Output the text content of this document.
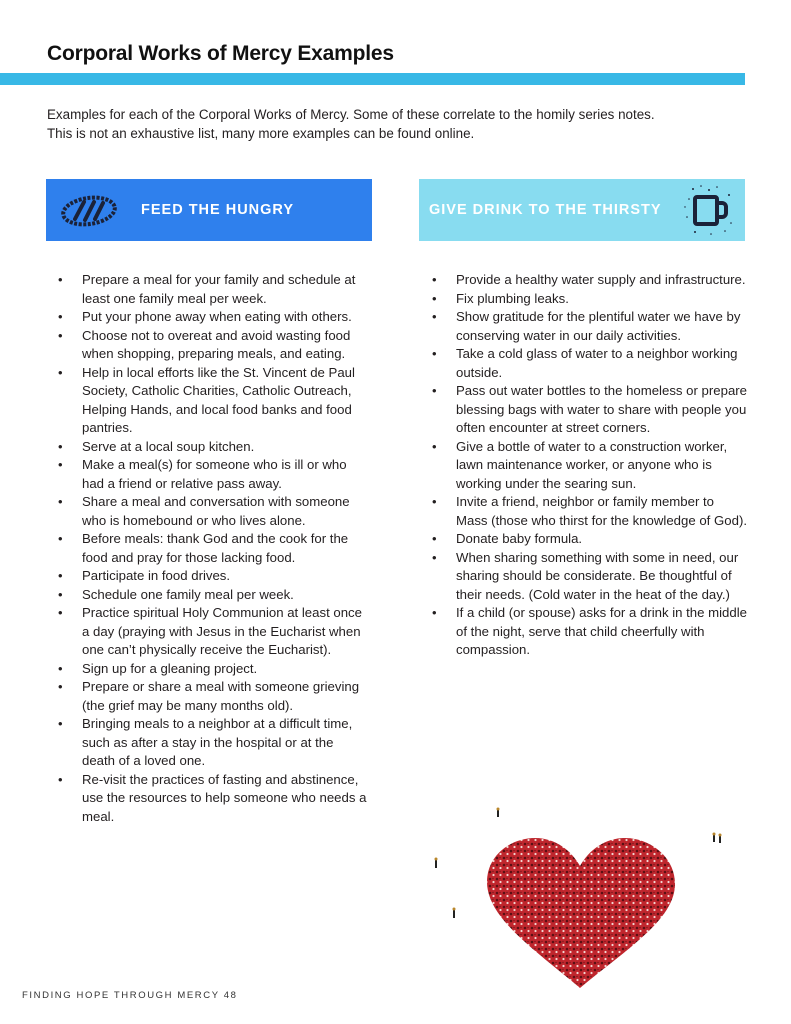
Corporal Works of Mercy Examples

Examples for each of the Corporal Works of Mercy. Some of these correlate to the homily series notes.

This is not an exhaustive list, many more examples can be found online.

FEED THE HUNGRY	GIVE DRINK TO THE THIRSTY
• Prepare a meal for your family and schedule at least one family meal per week.
• Put your phone away when eating with others.
• Choose not to overeat and avoid wasting food when shopping, preparing meals, and eating.
• Help in local efforts like the St. Vincent de Paul Society, Catholic Charities, Catholic Outreach, Helping Hands, and local food banks and food pantries.
• Serve at a local soup kitchen.
• Make a meal(s) for someone who is ill or who had a friend or relative pass away.
• Share a meal and conversation with someone who is homebound or who lives alone.
• Before meals: thank God and the cook for the food and pray for those lacking food.
• Participate in food drives.
• Schedule one family meal per week.
• Practice spiritual Holy Communion at least once a day (praying with Jesus in the Eucharist when one can’t physically receive the Eucharist).
• Sign up for a gleaning project.
• Prepare or share a meal with someone grieving (the grief may be many months old).
• Bringing meals to a neighbor at a difficult time, such as after a stay in the hospital or at the death of a loved one.
• Re-visit the practices of fasting and abstinence, use the resources to help someone who needs a meal.
• Provide a healthy water supply and infrastructure.
• Fix plumbing leaks.
• Show gratitude for the plentiful water we have by conserving water in our daily activities.
• Take a cold glass of water to a neighbor working outside.
• Pass out water bottles to the homeless or prepare blessing bags with water to share with people you often encounter at street corners.
• Give a bottle of water to a construction worker, lawn maintenance worker, or anyone who is working under the searing sun.
• Invite a friend, neighbor or family member to Mass (those who thirst for the knowledge of God).
• Donate baby formula.
• When sharing something with some in need, our sharing should be considerate. Be thoughtful of their needs. (Cold water in the heat of the day.)
• If a child (or spouse) asks for a drink in the middle of the night, serve that child cheerfully with compassion.
FINDING HOPE THROUGH MERCY 48
